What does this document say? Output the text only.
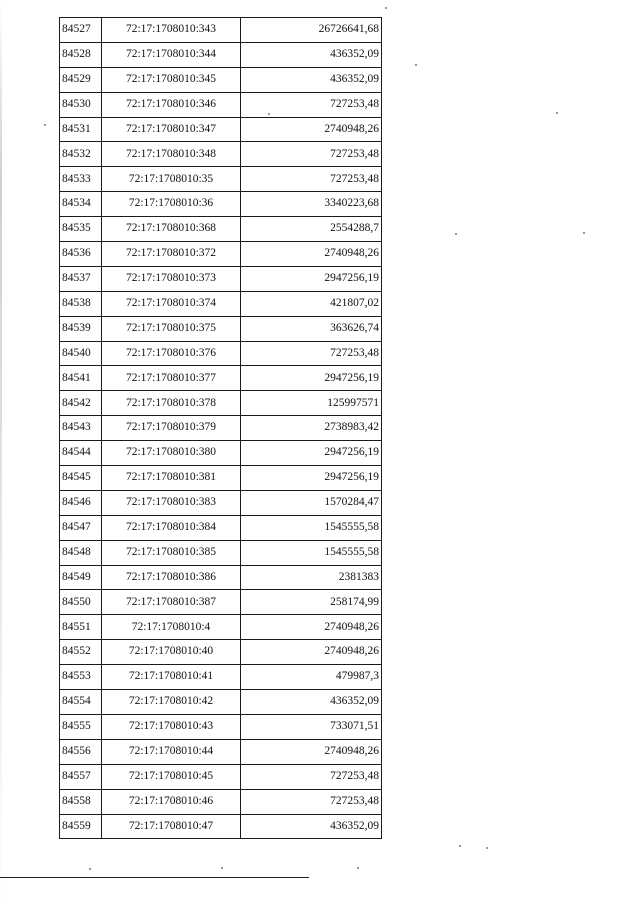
84527	72:17:1708010:343	26726641,68
84528	72:17:1708010:344	436352,09
84529	72:17:1708010:345	436352,09
84530	72:17:1708010:346	727253,48
84531	72:17:1708010:347	2740948,26
84532	72:17:1708010:348	727253,48
84533	72:17:1708010:35	727253,48
84534	72:17:1708010:36	3340223,68
84535	72:17:1708010:368	2554288,7
84536	72:17:1708010:372	2740948,26
84537	72:17:1708010:373	2947256,19
84538	72:17:1708010:374	421807,02
84539	72:17:1708010:375	363626,74
84540	72:17:1708010:376	727253,48
84541	72:17:1708010:377	2947256,19
84542	72:17:1708010:378	125997571
84543	72:17:1708010:379	2738983,42
84544	72:17:1708010:380	2947256,19
84545	72:17:1708010:381	2947256,19
84546	72:17:1708010:383	1570284,47
84547	72:17:1708010:384	1545555,58
84548	72:17:1708010:385	1545555,58
84549	72:17:1708010:386	2381383
84550	72:17:1708010:387	258174,99
84551	72:17:1708010:4	2740948,26
84552	72:17:1708010:40	2740948,26
84553	72:17:1708010:41	479987,3
84554	72:17:1708010:42	436352,09
84555	72:17:1708010:43	733071,51
84556	72:17:1708010:44	2740948,26
84557	72:17:1708010:45	727253,48
84558	72:17:1708010:46	727253,48
84559	72:17:1708010:47	436352,09
